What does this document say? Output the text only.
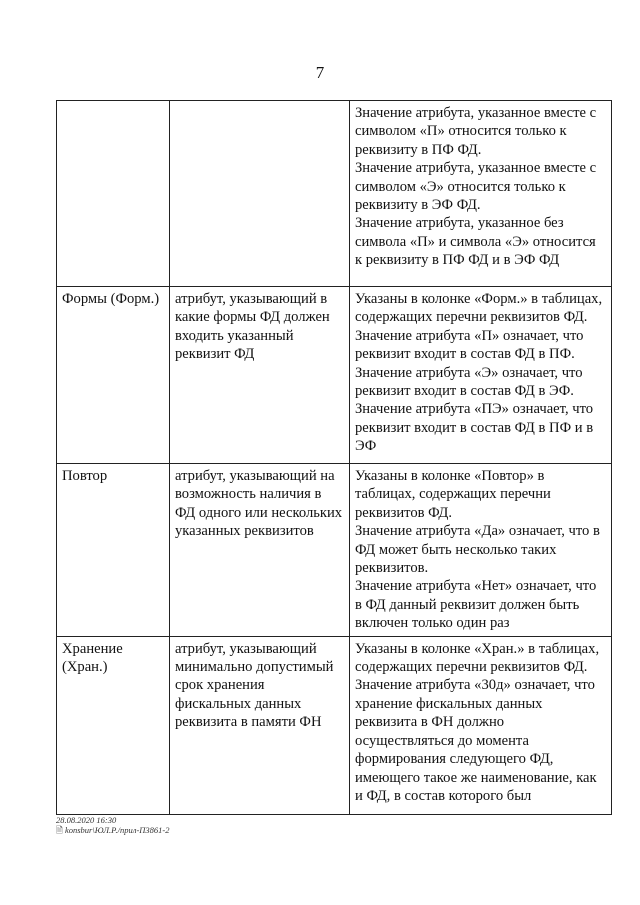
7

		Значение атрибута, указанное вместе с символом «П» относится только к реквизиту в ПФ ФД.
Значение атрибута, указанное вместе с символом «Э» относится только к реквизиту в ЭФ ФД.
Значение атрибута, указанное без символа «П» и символа «Э» относится к реквизиту в ПФ ФД и в ЭФ ФД

Формы (Форм.)	атрибут, указывающий в какие формы ФД должен входить указанный реквизит ФД	Указаны в колонке «Форм.» в таблицах, содержащих перечни реквизитов ФД.
Значение атрибута «П» означает, что реквизит входит в состав ФД в ПФ.
Значение атрибута «Э» означает, что реквизит входит в состав ФД в ЭФ.
Значение атрибута «ПЭ» означает, что реквизит входит в состав ФД в ПФ и в ЭФ

Повтор	атрибут, указывающий на возможность наличия в ФД одного или нескольких указанных реквизитов	Указаны в колонке «Повтор» в таблицах, содержащих перечни реквизитов ФД.
Значение атрибута «Да» означает, что в ФД может быть несколько таких реквизитов.
Значение атрибута «Нет» означает, что в ФД данный реквизит должен быть включен только один раз

Хранение (Хран.)	атрибут, указывающий минимально допустимый срок хранения фискальных данных реквизита в памяти ФН	Указаны в колонке «Хран.» в таблицах, содержащих перечни реквизитов ФД.
Значение атрибута «30д» означает, что хранение фискальных данных реквизита в ФН должно осуществляться до момента формирования следующего ФД, имеющего такое же наименование, как и ФД, в состав которого был
28.08.2020 16:30
🗎 konsbur\ЮЛ.Р./прил-П3861-2
